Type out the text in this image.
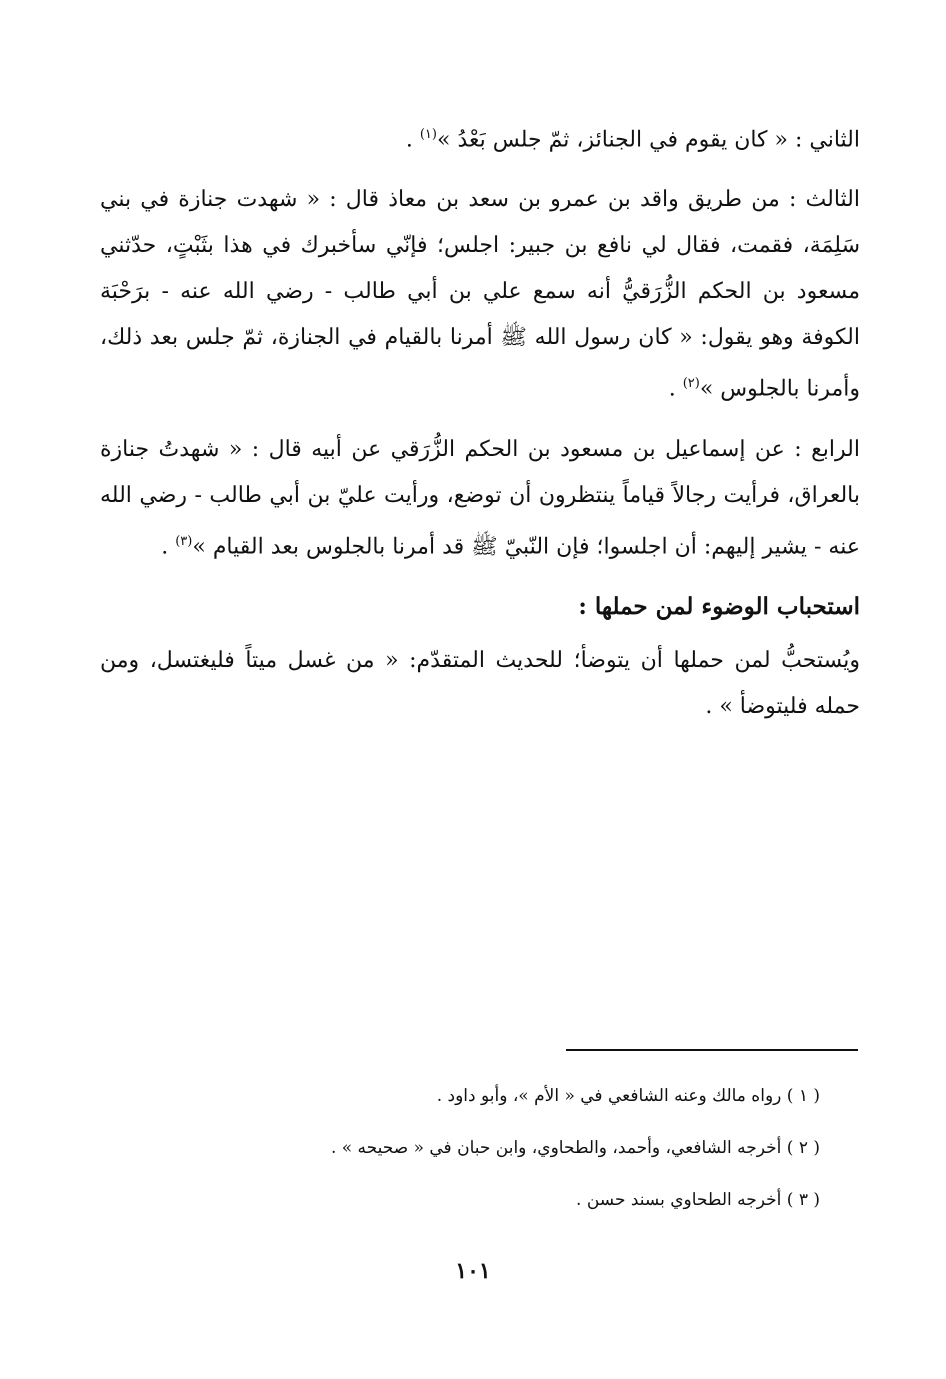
الثاني : « كان يقوم في الجنائز، ثمّ جلس بَعْدُ »$^{(١)}$ .

الثالث : من طريق واقد بن عمرو بن سعد بن معاذ قال : « شهدت جنازة في بني سَلِمَة، فقمت، فقال لي نافع بن جبير: اجلس؛ فإنّي سأخبرك في هذا بثَبْتٍ، حدّثني مسعود بن الحكم الزُّرَقيُّ أنه سمع علي بن أبي طالب - رضي الله عنه - برَحْبَة الكوفة وهو يقول: « كان رسول الله ﷺ أمرنا بالقيام في الجنازة، ثمّ جلس بعد ذلك، وأمرنا بالجلوس »$^{(٢)}$ .

الرابع : عن إسماعيل بن مسعود بن الحكم الزُّرَقي عن أبيه قال : « شهدتُ جنازة بالعراق، فرأيت رجالاً قياماً ينتظرون أن توضع، ورأيت عليّ بن أبي طالب - رضي الله عنه - يشير إليهم: أن اجلسوا؛ فإن النّبيّ ﷺ قد أمرنا بالجلوس بعد القيام »$^{(٣)}$ .

استحباب الوضوء لمن حملها :

ويُستحبُّ لمن حملها أن يتوضأ؛ للحديث المتقدّم: « من غسل ميتاً فليغتسل، ومن حمله فليتوضأ » .

( ١ ) رواه مالك وعنه الشافعي في « الأم »، وأبو داود .

( ٢ ) أخرجه الشافعي، وأحمد، والطحاوي، وابن حبان في « صحيحه » .

( ٣ ) أخرجه الطحاوي بسند حسن .

١٠١
